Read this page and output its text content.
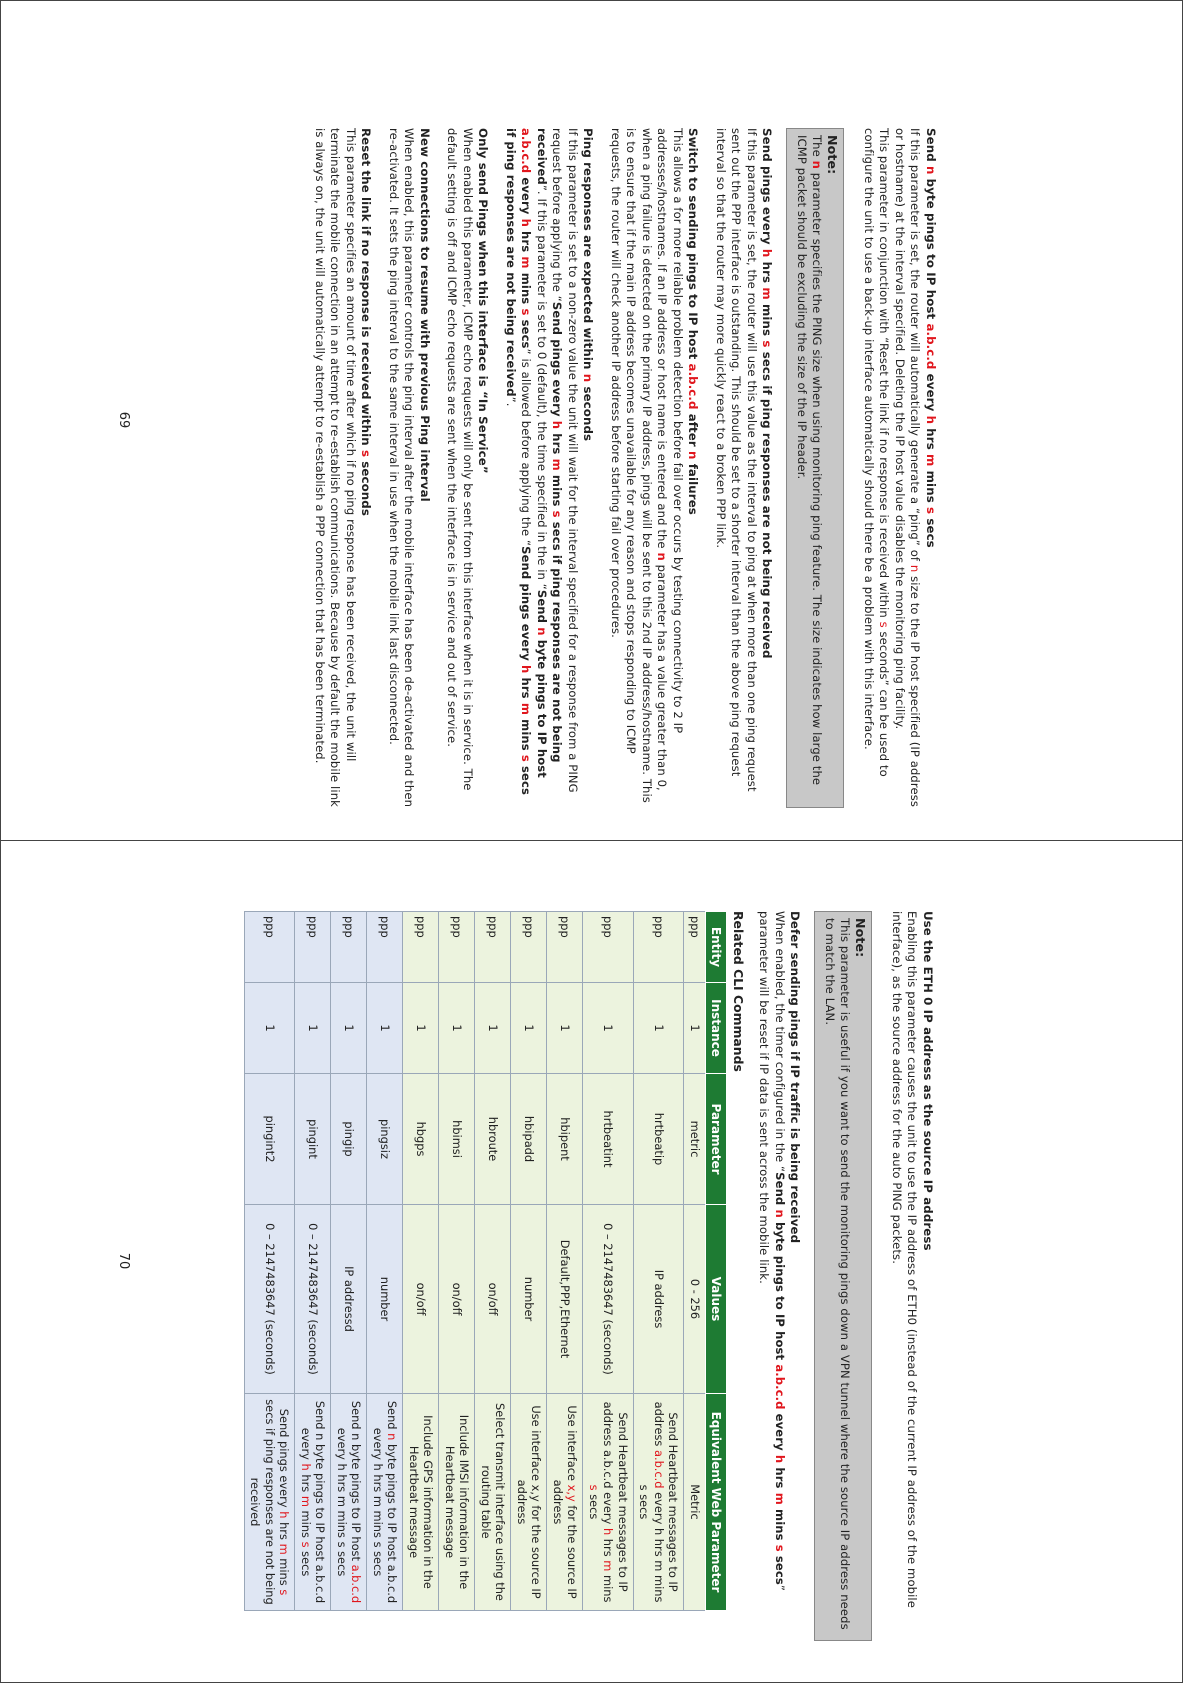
Send n byte pings to IP host a.b.c.d every h hrs m mins s secs

If this parameter is set, the router will automatically generate a “ping” of n size to the IP host specified (IP address or hostname) at the interval specified. Deleting the IP host value disables the monitoring ping facility.

This parameter in conjunction with “Reset the link if no response is received within s seconds” can be used to configure the unit to use a back-up interface automatically should there be a problem with this interface.

Note:

The n parameter specifies the PING size when using monitoring ping feature. The size indicates how large the ICMP packet should be excluding the size of the IP header.

Send pings every h hrs m mins s secs if ping responses are not being received

If this parameter is set, the router will use this value as the interval to ping at when more than one ping request sent out the PPP interface is outstanding. This should be set to a shorter interval than the above ping request interval so that the router may more quickly react to a broken PPP link.

Switch to sending pings to IP host a.b.c.d after n failures

This allows a for more reliable problem detection before fail over occurs by testing connectivity to 2 IP addresses/hostnames. If an IP address or host name is entered and the n parameter has a value greater than 0, when a ping failure is detected on the primary IP address, pings will be sent to this 2nd IP address/hostname. This is to ensure that if the main IP address becomes unavailable for any reason and stops responding to ICMP requests, the router will check another IP address before starting fail over procedures.

Ping responses are expected within n seconds

If this parameter is set to a non-zero value the unit will wait for the interval specified for a response from a PING request before applying the “Send pings every h hrs m mins s secs if ping responses are not being received”. If this parameter is set to 0 (default), the time specified in the in “Send n byte pings to IP host a.b.c.d every h hrs m mins s secs” is allowed before applying the “Send pings every h hrs m mins s secs if ping responses are not being received”.

Only send Pings when this interface is “In Service”

When enabled this parameter, ICMP echo requests will only be sent from this interface when it is in service. The default setting is off and ICMP echo requests are sent when the interface is in service and out of service.

New connections to resume with previous Ping interval

When enabled, this parameter controls the ping interval after the mobile interface has been de-activated and then re-activated. It sets the ping interval to the same interval in use when the mobile link last disconnected.

Reset the link if no response is received within s seconds

This parameter specifies an amount of time after which if no ping response has been received, the unit will terminate the mobile connection in an attempt to re-establish communications. Because by default the mobile link is always on, the unit will automatically attempt to re-establish a PPP connection that has been terminated.

69

Use the ETH 0 IP address as the source IP address

Enabling this parameter causes the unit to use the IP address of ETH0 (instead of the current IP address of the mobile interface), as the source address for the auto PING packets.

Note:

This parameter is useful if you want to send the monitoring pings down a VPN tunnel where the source IP address needs to match the LAN.

Defer sending pings if IP traffic is being received

When enabled, the timer configured in the “Send n byte pings to IP host a.b.c.d every h hrs m mins s secs” parameter will be reset if IP data is sent across the mobile link.

Related CLI Commands
Entity	Instance	Parameter	Values	Equivalent Web Parameter
ppp	1	metric	0 - 256	Metric
ppp	1	hrtbeatip	IP address	Send Heartbeat messages to IP address a.b.c.d every h hrs m mins s secs
ppp	1	hrtbeatint	0 – 2147483647 (seconds)	Send Heartbeat messages to IP address a.b.c.d every h hrs m mins s secs
ppp	1	hbipent	Default,PPP,Ethernet	Use interface x,y for the source IP address
ppp	1	hbipadd	number	Use interface x,y for the source IP address
ppp	1	hbroute	on/off	Select transmit interface using the routing table
ppp	1	hbimsi	on/off	Include IMSI information in the Heartbeat message
ppp	1	hbgps	on/off	Include GPS information in the Heartbeat message
ppp	1	pingsiz	number	Send n byte pings to IP host a.b.c.d every h hrs m mins s secs
ppp	1	pingip	IP addressd	Send n byte pings to IP host a.b.c.d every h hrs m mins s secs
ppp	1	pingint	0 – 2147483647 (seconds)	Send n byte pings to IP host a.b.c.d every h hrs m mins s secs
ppp	1	pingint2	0 – 2147483647 (seconds)	Send pings every h hrs m mins s secs if ping responses are not being received
70
